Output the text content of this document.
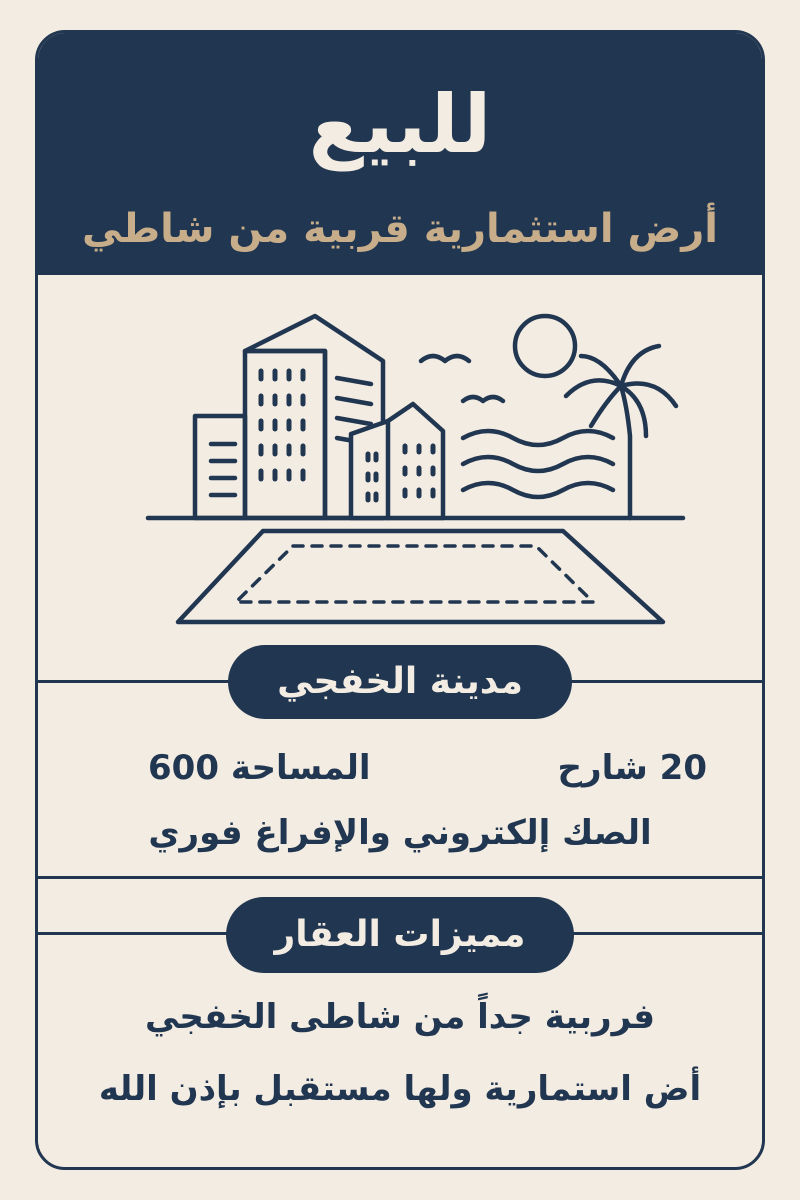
للبيع
أرض استثمارية قربية من شاطي
مدينة الخفجي
20 شارح
المساحة 600
الصك إلكتروني والإفراغ فوري
مميزات العقار
فرربية جداً من شاطى الخفجي
أض استمارية ولها مستقبل بإذن الله
